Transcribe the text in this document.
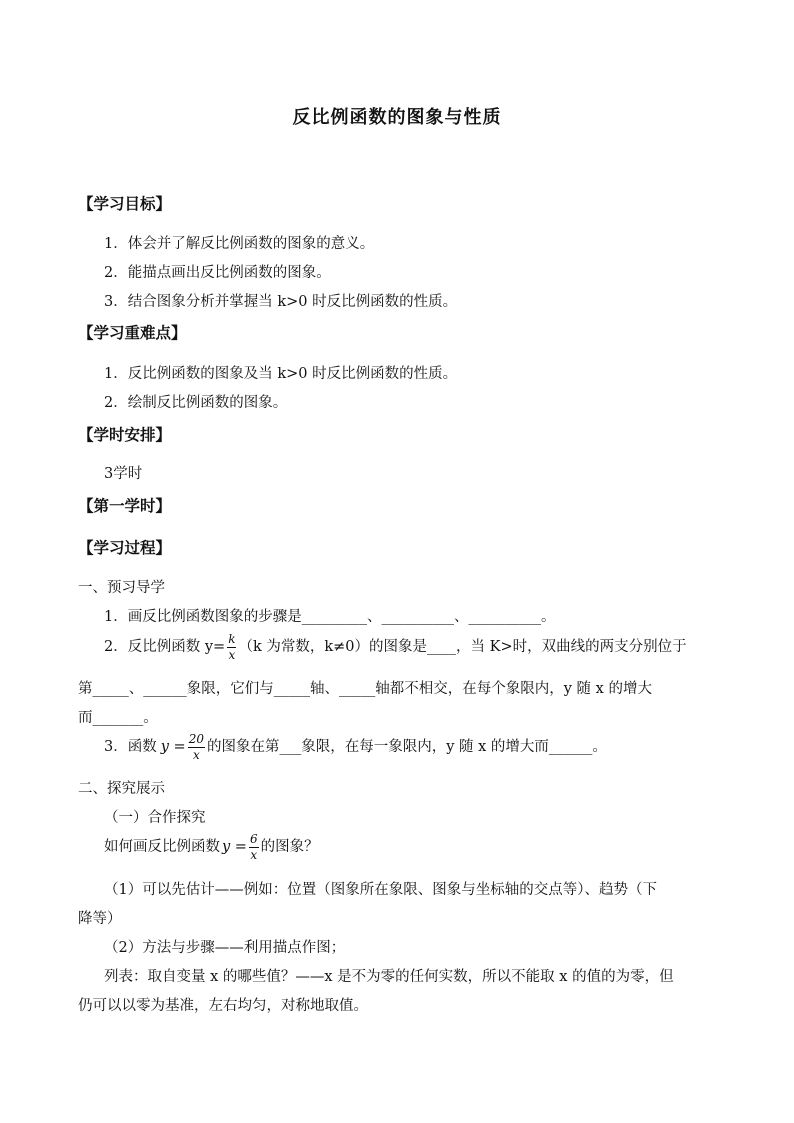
反比例函数的图象与性质
【学习目标】
1．体会并了解反比例函数的图象的意义。
2．能描点画出反比例函数的图象。
3．结合图象分析并掌握当 k>0 时反比例函数的性质。
【学习重难点】
1．反比例函数的图象及当 k>0 时反比例函数的性质。
2．绘制反比例函数的图象。
【学时安排】
3学时
【第一学时】
【学习过程】
一、预习导学
1．画反比例函数图象的步骤是_________、__________、__________。
2．反比例函数 $y= \frac{k}{x} (k$ 为常数，k≠0）的图象是____，当 K>时，双曲线的两支分别位于
第_____、______象限，它们与_____轴、_____轴都不相交，在每个象限内，y 随 x 的增大
而_______。
3．函数 $y = \frac{20}{x}$ 的图象在第___象限，在每一象限内，y 随 x 的增大而______。
二、探究展示
（一）合作探究
如何画反比例函数 $y = \frac{6}{x}$ 的图象？
（1）可以先估计——例如：位置（图象所在象限、图象与坐标轴的交点等）、趋势（下
降等）
（2）方法与步骤——利用描点作图；
列表：取自变量 x 的哪些值？——x 是不为零的任何实数，所以不能取 x 的值的为零，但
仍可以以零为基准，左右均匀，对称地取值。
